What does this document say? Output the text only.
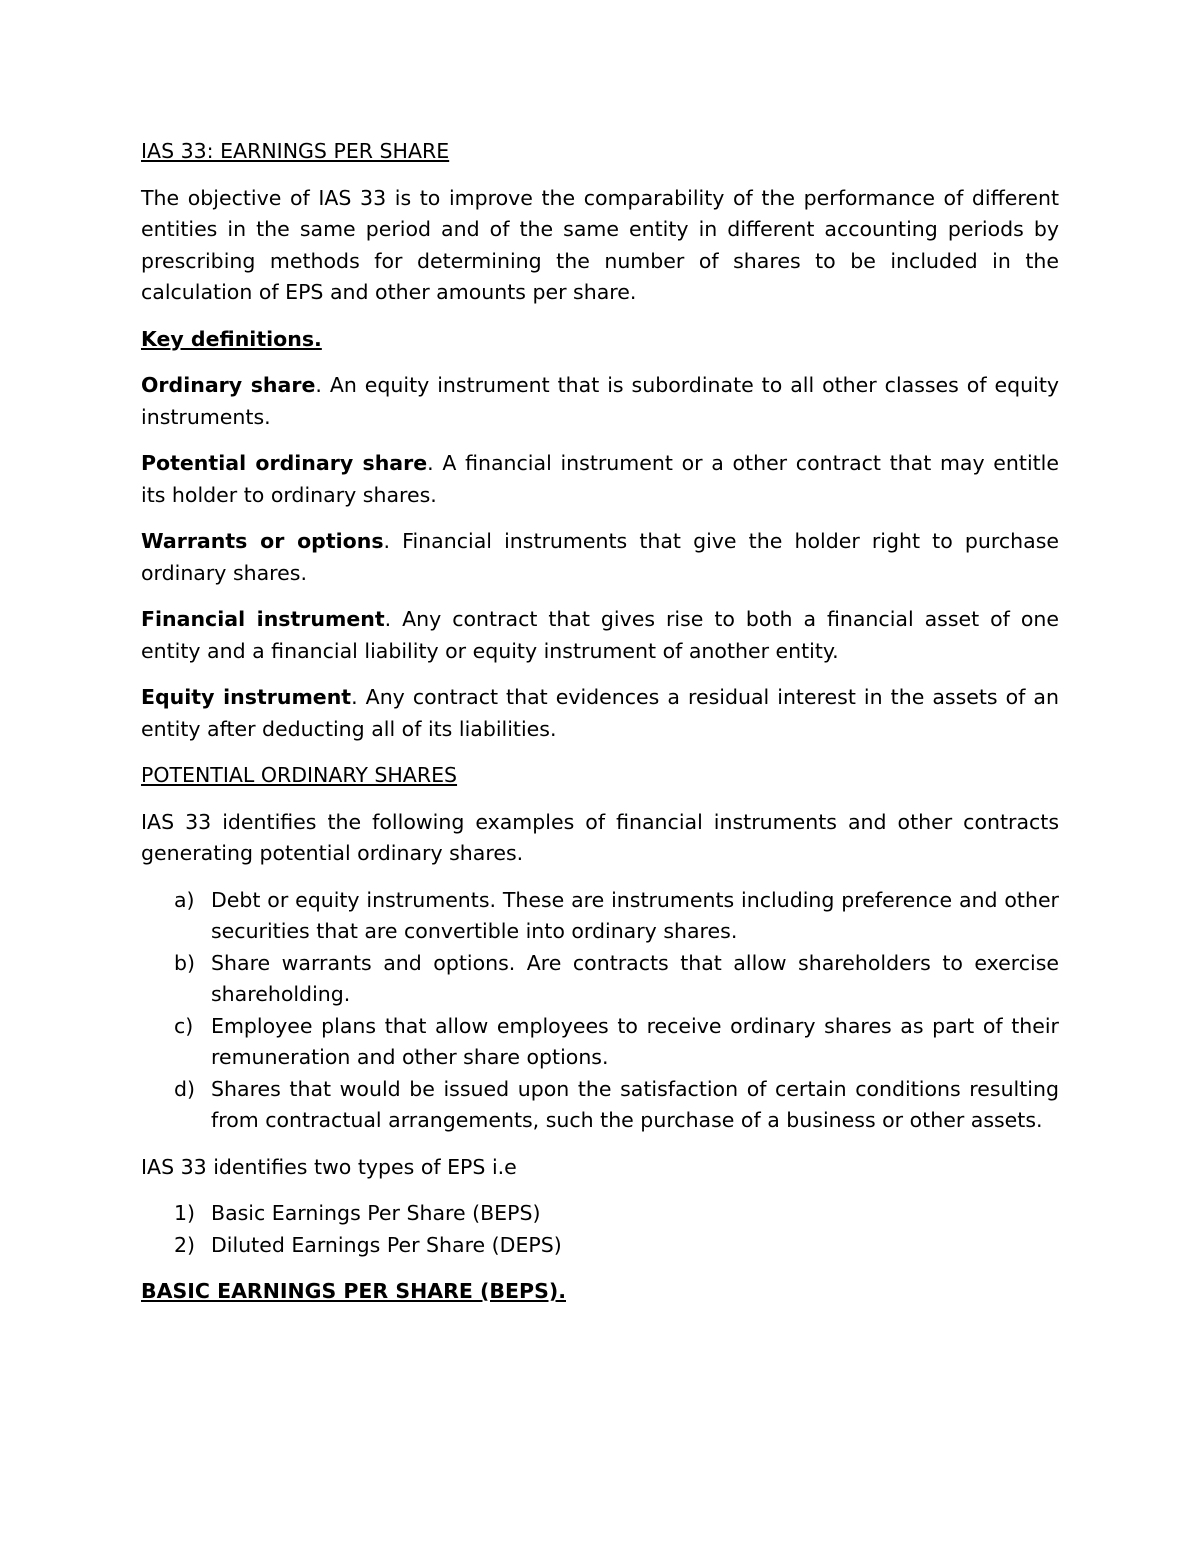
IAS 33: EARNINGS PER SHARE
The objective of IAS 33 is to improve the comparability of the performance of different entities in the same period and of the same entity in different accounting periods by prescribing methods for determining the number of shares to be included in the calculation of EPS and other amounts per share.
Key definitions.
Ordinary share. An equity instrument that is subordinate to all other classes of equity instruments.
Potential ordinary share. A financial instrument or a other contract that may entitle its holder to ordinary shares.
Warrants or options. Financial instruments that give the holder right to purchase ordinary shares.
Financial instrument. Any contract that gives rise to both a financial asset of one entity and a financial liability or equity instrument of another entity.
Equity instrument. Any contract that evidences a residual interest in the assets of an entity after deducting all of its liabilities.
POTENTIAL ORDINARY SHARES
IAS 33 identifies the following examples of financial instruments and other contracts generating potential ordinary shares.
a) Debt or equity instruments. These are instruments including preference and other securities that are convertible into ordinary shares.
b) Share warrants and options. Are contracts that allow shareholders to exercise shareholding.
c) Employee plans that allow employees to receive ordinary shares as part of their remuneration and other share options.
d) Shares that would be issued upon the satisfaction of certain conditions resulting from contractual arrangements, such the purchase of a business or other assets.
IAS 33 identifies two types of EPS i.e
1) Basic Earnings Per Share (BEPS)
2) Diluted Earnings Per Share (DEPS)
BASIC EARNINGS PER SHARE (BEPS).
